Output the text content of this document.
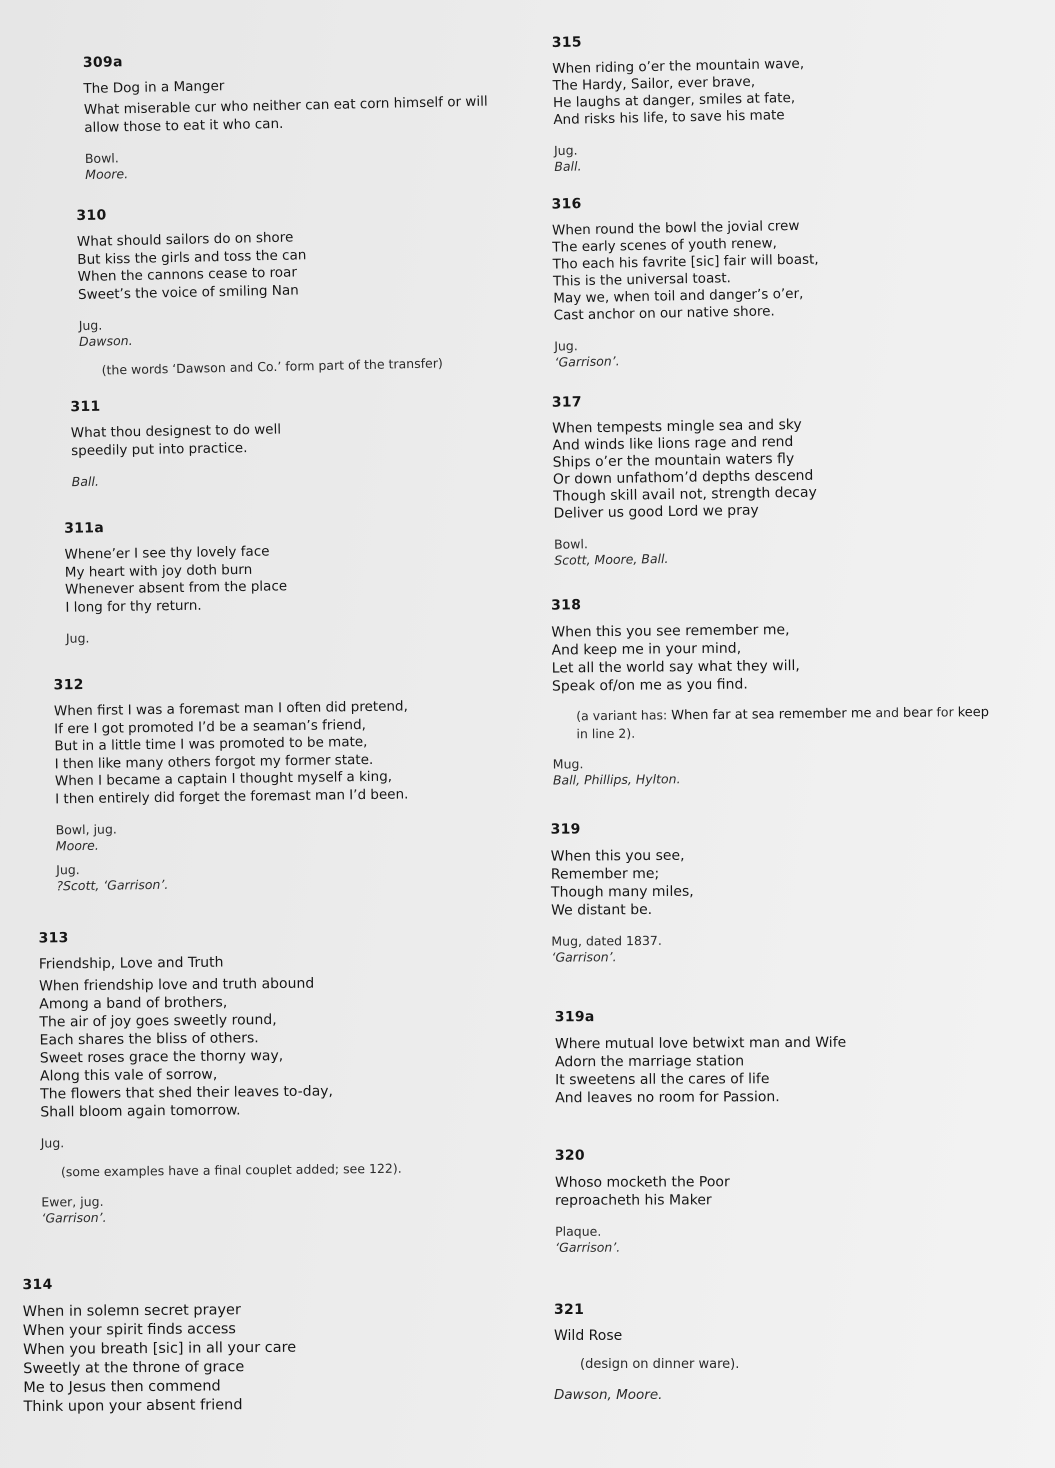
309a
The Dog in a Manger
What miserable cur who neither can eat corn himself or will
allow those to eat it who can.
Bowl.
Moore.
310
What should sailors do on shore
But kiss the girls and toss the can
When the cannons cease to roar
Sweet’s the voice of smiling Nan
Jug.
Dawson.
(the words ‘Dawson and Co.’ form part of the transfer)
311
What thou designest to do well
speedily put into practice.
Ball.
311a
Whene’er I see thy lovely face
My heart with joy doth burn
Whenever absent from the place
I long for thy return.
Jug.
312
When first I was a foremast man I often did pretend,
If ere I got promoted I’d be a seaman’s friend,
But in a little time I was promoted to be mate,
I then like many others forgot my former state.
When I became a captain I thought myself a king,
I then entirely did forget the foremast man I’d been.
Bowl, jug.
Moore.
Jug.
?Scott, ‘Garrison’.
313
Friendship, Love and Truth
When friendship love and truth abound
Among a band of brothers,
The air of joy goes sweetly round,
Each shares the bliss of others.
Sweet roses grace the thorny way,
Along this vale of sorrow,
The flowers that shed their leaves to-day,
Shall bloom again tomorrow.
Jug.
(some examples have a final couplet added; see 122).
Ewer, jug.
‘Garrison’.
314
When in solemn secret prayer
When your spirit finds access
When you breath [sic] in all your care
Sweetly at the throne of grace
Me to Jesus then commend
Think upon your absent friend
315
When riding o’er the mountain wave,
The Hardy, Sailor, ever brave,
He laughs at danger, smiles at fate,
And risks his life, to save his mate
Jug.
Ball.
316
When round the bowl the jovial crew
The early scenes of youth renew,
Tho each his favrite [sic] fair will boast,
This is the universal toast.
May we, when toil and danger’s o’er,
Cast anchor on our native shore.
Jug.
‘Garrison’.
317
When tempests mingle sea and sky
And winds like lions rage and rend
Ships o’er the mountain waters fly
Or down unfathom’d depths descend
Though skill avail not, strength decay
Deliver us good Lord we pray
Bowl.
Scott, Moore, Ball.
318
When this you see remember me,
And keep me in your mind,
Let all the world say what they will,
Speak of/on me as you find.
(a variant has: When far at sea remember me and bear for keep
in line 2).
Mug.
Ball, Phillips, Hylton.
319
When this you see,
Remember me;
Though many miles,
We distant be.
Mug, dated 1837.
‘Garrison’.
319a
Where mutual love betwixt man and Wife
Adorn the marriage station
It sweetens all the cares of life
And leaves no room for Passion.
320
Whoso mocketh the Poor
reproacheth his Maker
Plaque.
‘Garrison’.
321
Wild Rose
(design on dinner ware).
Dawson, Moore.
